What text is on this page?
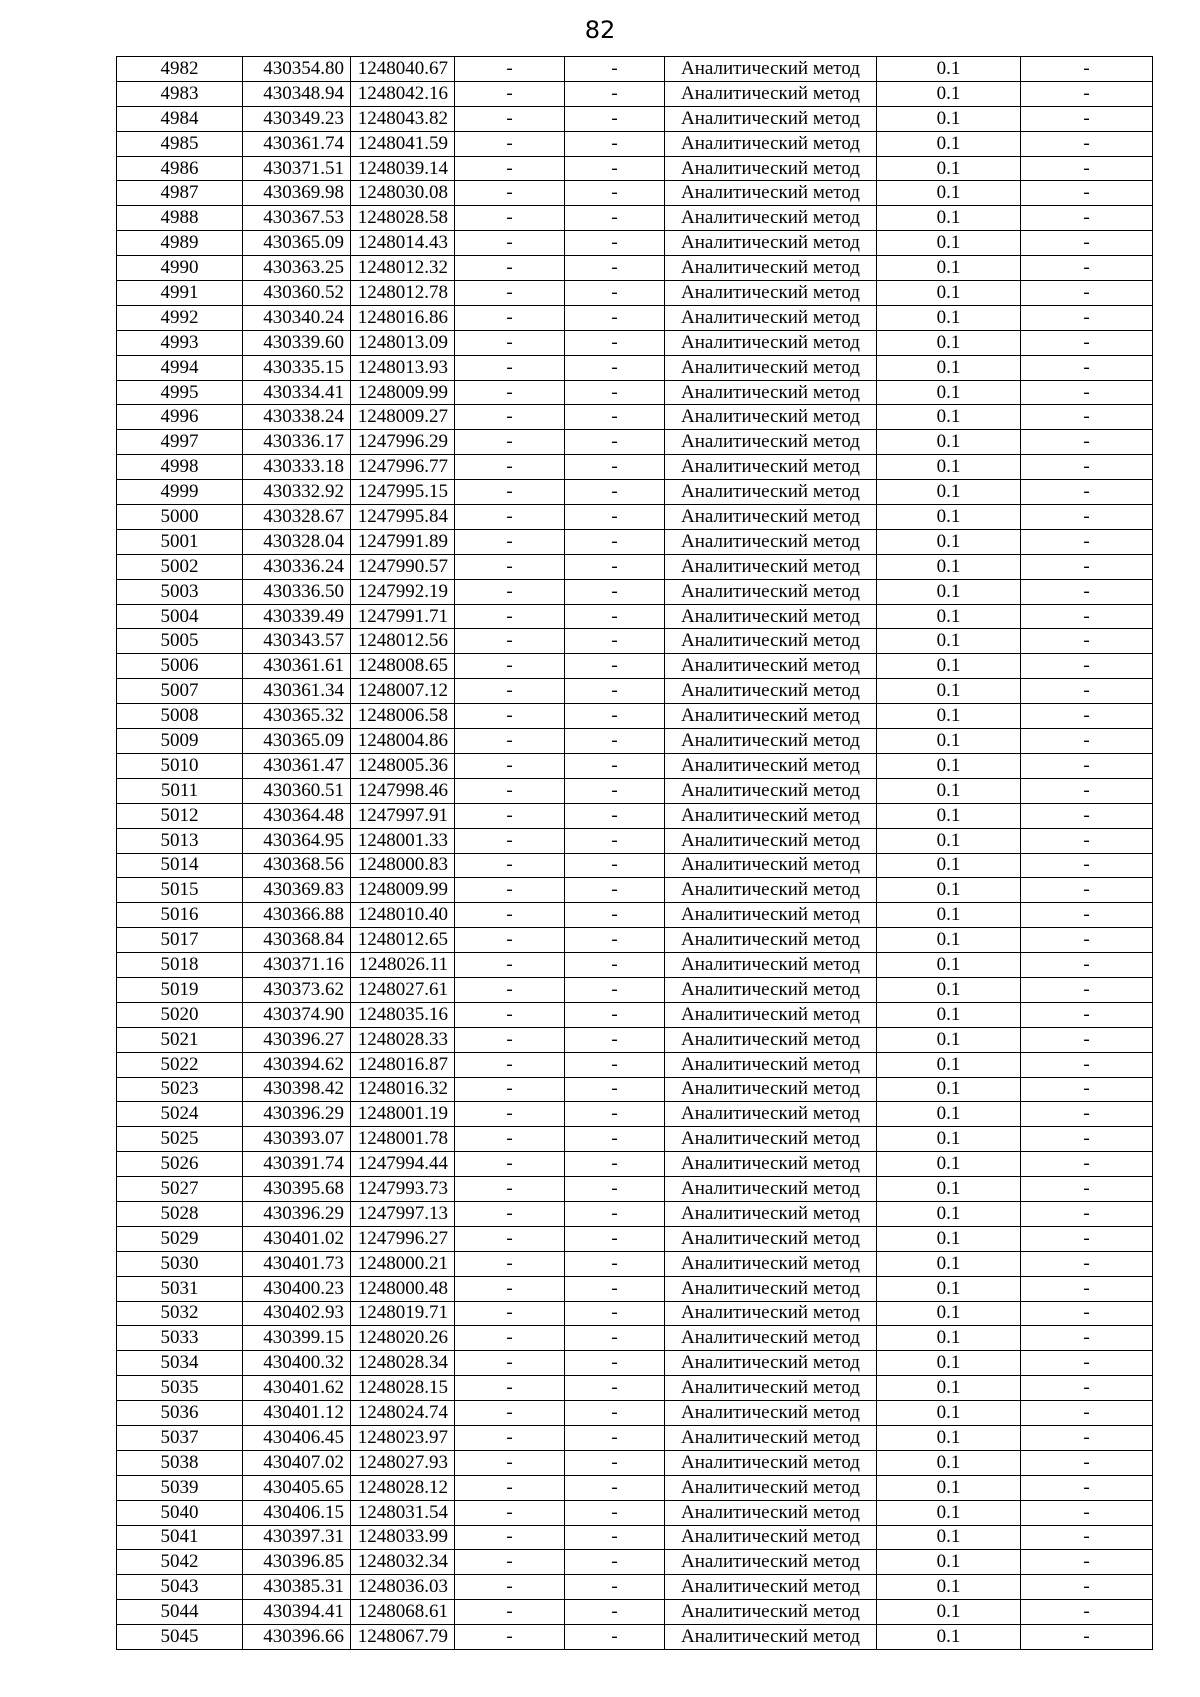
82
4982	430354.80	1248040.67	-	-	Аналитический метод	0.1	-
4983	430348.94	1248042.16	-	-	Аналитический метод	0.1	-
4984	430349.23	1248043.82	-	-	Аналитический метод	0.1	-
4985	430361.74	1248041.59	-	-	Аналитический метод	0.1	-
4986	430371.51	1248039.14	-	-	Аналитический метод	0.1	-
4987	430369.98	1248030.08	-	-	Аналитический метод	0.1	-
4988	430367.53	1248028.58	-	-	Аналитический метод	0.1	-
4989	430365.09	1248014.43	-	-	Аналитический метод	0.1	-
4990	430363.25	1248012.32	-	-	Аналитический метод	0.1	-
4991	430360.52	1248012.78	-	-	Аналитический метод	0.1	-
4992	430340.24	1248016.86	-	-	Аналитический метод	0.1	-
4993	430339.60	1248013.09	-	-	Аналитический метод	0.1	-
4994	430335.15	1248013.93	-	-	Аналитический метод	0.1	-
4995	430334.41	1248009.99	-	-	Аналитический метод	0.1	-
4996	430338.24	1248009.27	-	-	Аналитический метод	0.1	-
4997	430336.17	1247996.29	-	-	Аналитический метод	0.1	-
4998	430333.18	1247996.77	-	-	Аналитический метод	0.1	-
4999	430332.92	1247995.15	-	-	Аналитический метод	0.1	-
5000	430328.67	1247995.84	-	-	Аналитический метод	0.1	-
5001	430328.04	1247991.89	-	-	Аналитический метод	0.1	-
5002	430336.24	1247990.57	-	-	Аналитический метод	0.1	-
5003	430336.50	1247992.19	-	-	Аналитический метод	0.1	-
5004	430339.49	1247991.71	-	-	Аналитический метод	0.1	-
5005	430343.57	1248012.56	-	-	Аналитический метод	0.1	-
5006	430361.61	1248008.65	-	-	Аналитический метод	0.1	-
5007	430361.34	1248007.12	-	-	Аналитический метод	0.1	-
5008	430365.32	1248006.58	-	-	Аналитический метод	0.1	-
5009	430365.09	1248004.86	-	-	Аналитический метод	0.1	-
5010	430361.47	1248005.36	-	-	Аналитический метод	0.1	-
5011	430360.51	1247998.46	-	-	Аналитический метод	0.1	-
5012	430364.48	1247997.91	-	-	Аналитический метод	0.1	-
5013	430364.95	1248001.33	-	-	Аналитический метод	0.1	-
5014	430368.56	1248000.83	-	-	Аналитический метод	0.1	-
5015	430369.83	1248009.99	-	-	Аналитический метод	0.1	-
5016	430366.88	1248010.40	-	-	Аналитический метод	0.1	-
5017	430368.84	1248012.65	-	-	Аналитический метод	0.1	-
5018	430371.16	1248026.11	-	-	Аналитический метод	0.1	-
5019	430373.62	1248027.61	-	-	Аналитический метод	0.1	-
5020	430374.90	1248035.16	-	-	Аналитический метод	0.1	-
5021	430396.27	1248028.33	-	-	Аналитический метод	0.1	-
5022	430394.62	1248016.87	-	-	Аналитический метод	0.1	-
5023	430398.42	1248016.32	-	-	Аналитический метод	0.1	-
5024	430396.29	1248001.19	-	-	Аналитический метод	0.1	-
5025	430393.07	1248001.78	-	-	Аналитический метод	0.1	-
5026	430391.74	1247994.44	-	-	Аналитический метод	0.1	-
5027	430395.68	1247993.73	-	-	Аналитический метод	0.1	-
5028	430396.29	1247997.13	-	-	Аналитический метод	0.1	-
5029	430401.02	1247996.27	-	-	Аналитический метод	0.1	-
5030	430401.73	1248000.21	-	-	Аналитический метод	0.1	-
5031	430400.23	1248000.48	-	-	Аналитический метод	0.1	-
5032	430402.93	1248019.71	-	-	Аналитический метод	0.1	-
5033	430399.15	1248020.26	-	-	Аналитический метод	0.1	-
5034	430400.32	1248028.34	-	-	Аналитический метод	0.1	-
5035	430401.62	1248028.15	-	-	Аналитический метод	0.1	-
5036	430401.12	1248024.74	-	-	Аналитический метод	0.1	-
5037	430406.45	1248023.97	-	-	Аналитический метод	0.1	-
5038	430407.02	1248027.93	-	-	Аналитический метод	0.1	-
5039	430405.65	1248028.12	-	-	Аналитический метод	0.1	-
5040	430406.15	1248031.54	-	-	Аналитический метод	0.1	-
5041	430397.31	1248033.99	-	-	Аналитический метод	0.1	-
5042	430396.85	1248032.34	-	-	Аналитический метод	0.1	-
5043	430385.31	1248036.03	-	-	Аналитический метод	0.1	-
5044	430394.41	1248068.61	-	-	Аналитический метод	0.1	-
5045	430396.66	1248067.79	-	-	Аналитический метод	0.1	-
